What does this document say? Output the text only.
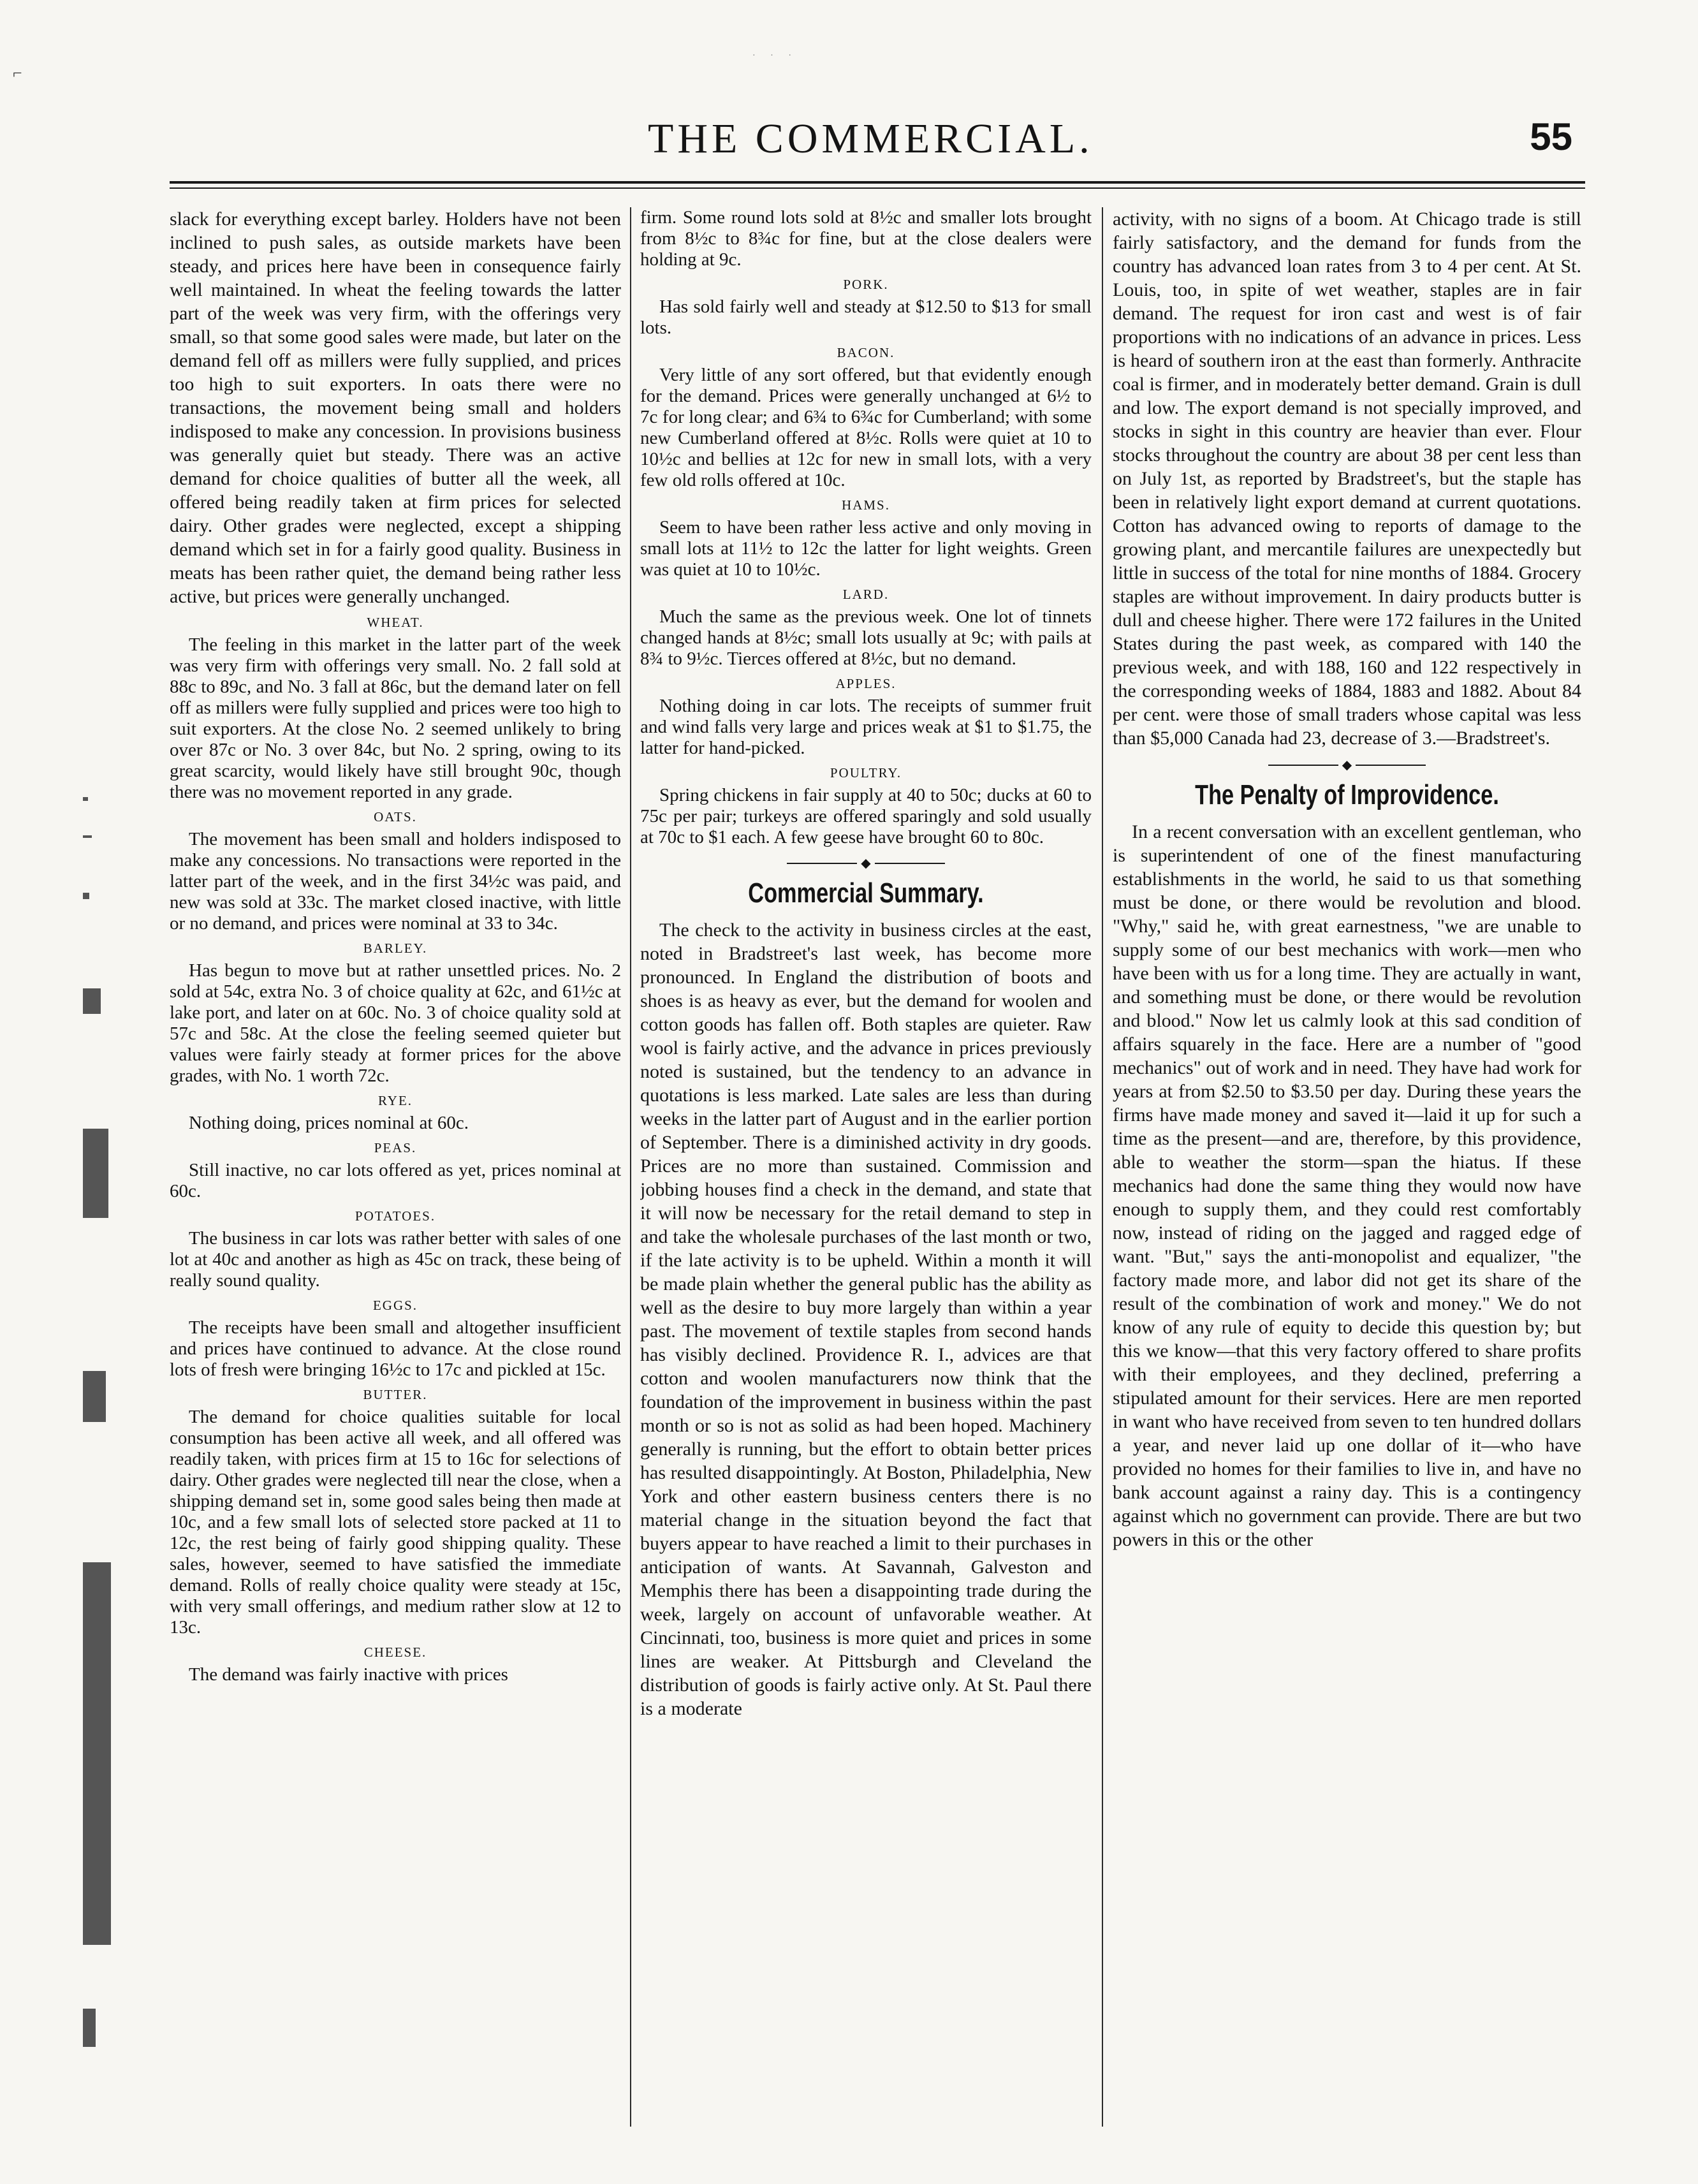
⌐
· · ·
THE COMMERCIAL.	55

slack for everything except barley. Holders have not been inclined to push sales, as outside markets have been steady, and prices here have been in consequence fairly well maintained. In wheat the feeling towards the latter part of the week was very firm, with the offerings very small, so that some good sales were made, but later on the demand fell off as millers were fully supplied, and prices too high to suit exporters. In oats there were no transactions, the movement being small and holders indisposed to make any concession. In provisions business was generally quiet but steady. There was an active demand for choice qualities of butter all the week, all offered being readily taken at firm prices for selected dairy. Other grades were neglected, except a shipping demand which set in for a fairly good quality. Business in meats has been rather quiet, the demand being rather less active, but prices were generally unchanged.

WHEAT.

The feeling in this market in the latter part of the week was very firm with offerings very small. No. 2 fall sold at 88c to 89c, and No. 3 fall at 86c, but the demand later on fell off as millers were fully supplied and prices were too high to suit exporters. At the close No. 2 seemed unlikely to bring over 87c or No. 3 over 84c, but No. 2 spring, owing to its great scarcity, would likely have still brought 90c, though there was no movement reported in any grade.

OATS.

The movement has been small and holders indisposed to make any concessions. No transactions were reported in the latter part of the week, and in the first 34½c was paid, and new was sold at 33c. The market closed inactive, with little or no demand, and prices were nominal at 33 to 34c.

BARLEY.

Has begun to move but at rather unsettled prices. No. 2 sold at 54c, extra No. 3 of choice quality at 62c, and 61½c at lake port, and later on at 60c. No. 3 of choice quality sold at 57c and 58c. At the close the feeling seemed quieter but values were fairly steady at former prices for the above grades, with No. 1 worth 72c.

RYE.

Nothing doing, prices nominal at 60c.

PEAS.

Still inactive, no car lots offered as yet, prices nominal at 60c.

POTATOES.

The business in car lots was rather better with sales of one lot at 40c and another as high as 45c on track, these being of really sound quality.

EGGS.

The receipts have been small and altogether insufficient and prices have continued to advance. At the close round lots of fresh were bringing 16½c to 17c and pickled at 15c.

BUTTER.

The demand for choice qualities suitable for local consumption has been active all week, and all offered was readily taken, with prices firm at 15 to 16c for selections of dairy. Other grades were neglected till near the close, when a shipping demand set in, some good sales being then made at 10c, and a few small lots of selected store packed at 11 to 12c, the rest being of fairly good shipping quality. These sales, however, seemed to have satisfied the immediate demand. Rolls of really choice quality were steady at 15c, with very small offerings, and medium rather slow at 12 to 13c.

CHEESE.

The demand was fairly inactive with prices

firm. Some round lots sold at 8½c and smaller lots brought from 8½c to 8¾c for fine, but at the close dealers were holding at 9c.

PORK.

Has sold fairly well and steady at $12.50 to $13 for small lots.

BACON.

Very little of any sort offered, but that evidently enough for the demand. Prices were generally unchanged at 6½ to 7c for long clear; and 6¾ to 6¾c for Cumberland; with some new Cumberland offered at 8½c. Rolls were quiet at 10 to 10½c and bellies at 12c for new in small lots, with a very few old rolls offered at 10c.

HAMS.

Seem to have been rather less active and only moving in small lots at 11½ to 12c the latter for light weights. Green was quiet at 10 to 10½c.

LARD.

Much the same as the previous week. One lot of tinnets changed hands at 8½c; small lots usually at 9c; with pails at 8¾ to 9½c. Tierces offered at 8½c, but no demand.

APPLES.

Nothing doing in car lots. The receipts of summer fruit and wind falls very large and prices weak at $1 to $1.75, the latter for hand-picked.

POULTRY.

Spring chickens in fair supply at 40 to 50c; ducks at 60 to 75c per pair; turkeys are offered sparingly and sold usually at 70c to $1 each. A few geese have brought 60 to 80c.

◆
Commercial Summary.

The check to the activity in business circles at the east, noted in Bradstreet's last week, has become more pronounced. In England the distribution of boots and shoes is as heavy as ever, but the demand for woolen and cotton goods has fallen off. Both staples are quieter. Raw wool is fairly active, and the advance in prices previously noted is sustained, but the tendency to an advance in quotations is less marked. Late sales are less than during weeks in the latter part of August and in the earlier portion of September. There is a diminished activity in dry goods. Prices are no more than sustained. Commission and jobbing houses find a check in the demand, and state that it will now be necessary for the retail demand to step in and take the wholesale purchases of the last month or two, if the late activity is to be upheld. Within a month it will be made plain whether the general public has the ability as well as the desire to buy more largely than within a year past. The movement of textile staples from second hands has visibly declined. Providence R. I., advices are that cotton and woolen manufacturers now think that the foundation of the improvement in business within the past month or so is not as solid as had been hoped. Machinery generally is running, but the effort to obtain better prices has resulted disappointingly. At Boston, Philadelphia, New York and other eastern business centers there is no material change in the situation beyond the fact that buyers appear to have reached a limit to their purchases in anticipation of wants. At Savannah, Galveston and Memphis there has been a disappointing trade during the week, largely on account of unfavorable weather. At Cincinnati, too, business is more quiet and prices in some lines are weaker. At Pittsburgh and Cleveland the distribution of goods is fairly active only. At St. Paul there is a moderate

activity, with no signs of a boom. At Chicago trade is still fairly satisfactory, and the demand for funds from the country has advanced loan rates from 3 to 4 per cent. At St. Louis, too, in spite of wet weather, staples are in fair demand. The request for iron cast and west is of fair proportions with no indications of an advance in prices. Less is heard of southern iron at the east than formerly. Anthracite coal is firmer, and in moderately better demand. Grain is dull and low. The export demand is not specially improved, and stocks in sight in this country are heavier than ever. Flour stocks throughout the country are about 38 per cent less than on July 1st, as reported by Bradstreet's, but the staple has been in relatively light export demand at current quotations. Cotton has advanced owing to reports of damage to the growing plant, and mercantile failures are unexpectedly but little in success of the total for nine months of 1884. Grocery staples are without improvement. In dairy products butter is dull and cheese higher. There were 172 failures in the United States during the past week, as compared with 140 the previous week, and with 188, 160 and 122 respectively in the corresponding weeks of 1884, 1883 and 1882. About 84 per cent. were those of small traders whose capital was less than $5,000 Canada had 23, decrease of 3.—Bradstreet's.

◆
The Penalty of Improvidence.

In a recent conversation with an excellent gentleman, who is superintendent of one of the finest manufacturing establishments in the world, he said to us that something must be done, or there would be revolution and blood. "Why," said he, with great earnestness, "we are unable to supply some of our best mechanics with work—men who have been with us for a long time. They are actually in want, and something must be done, or there would be revolution and blood." Now let us calmly look at this sad condition of affairs squarely in the face. Here are a number of "good mechanics" out of work and in need. They have had work for years at from $2.50 to $3.50 per day. During these years the firms have made money and saved it—laid it up for such a time as the present—and are, therefore, by this providence, able to weather the storm—span the hiatus. If these mechanics had done the same thing they would now have enough to supply them, and they could rest comfortably now, instead of riding on the jagged and ragged edge of want. "But," says the anti-monopolist and equalizer, "the factory made more, and labor did not get its share of the result of the combination of work and money." We do not know of any rule of equity to decide this question by; but this we know—that this very factory offered to share profits with their employees, and they declined, preferring a stipulated amount for their services. Here are men reported in want who have received from seven to ten hundred dollars a year, and never laid up one dollar of it—who have provided no homes for their families to live in, and have no bank account against a rainy day. This is a contingency against which no government can provide. There are but two powers in this or the other
